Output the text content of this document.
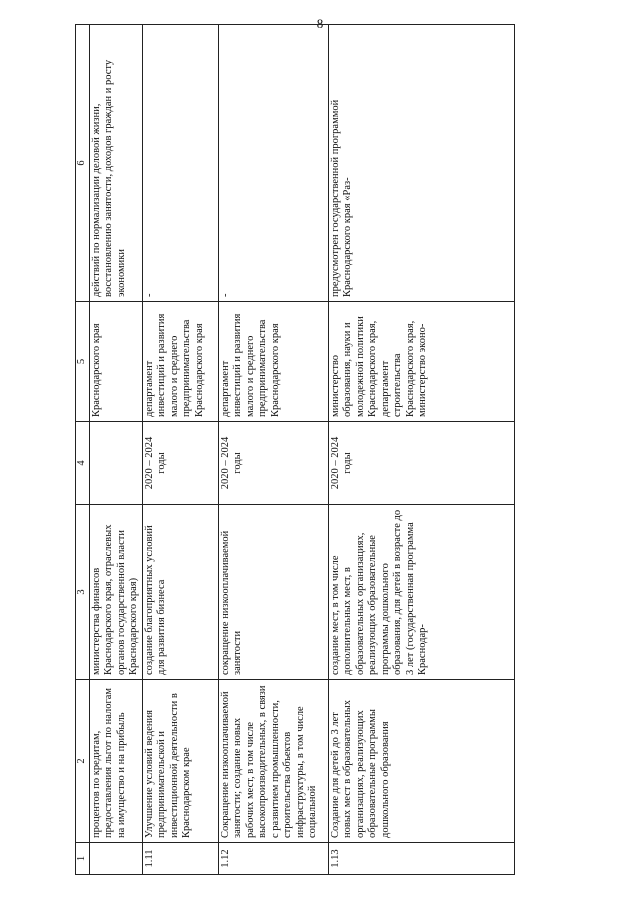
8
1	2	3	4	5	6
	процентов по кредитам, предоставления льгот по налогам на имущество и на прибыль	министерства финансов Краснодарского края, отраслевых органов государственной власти Краснодарского края)		Краснодарского края	действий по нормализации деловой жизни, восстановлению занятости, доходов граждан и росту экономики
1.11	Улучшение условий ведения предпринимательской и инвестиционной деятельности в Краснодарском крае	создание благоприятных условий для развития бизнеса	2020 – 2024 годы	департамент инвестиций и развития малого и среднего предпринимательства Краснодарского края	-
1.12	Сокращение низкооплачиваемой занятости; создание новых рабочих мест, в том числе высокопроизводительных, в связи с развитием промышленности, строительства объектов инфраструктуры, в том числе социальной	сокращение низкооплачиваемой занятости	2020 – 2024 годы	департамент инвестиций и развития малого и среднего предпринимательства Краснодарского края	-
1.13	Создание для детей до 3 лет новых мест в образовательных организациях, реализующих образовательные программы дошкольного образования	создание мест, в том числе дополнительных мест, в образовательных организациях, реализующих образовательные программы дошкольного образования, для детей в возрасте до 3 лет (государственная программа Краснодар-	2020 – 2024 годы	министерство образования, науки и молодежной политики Краснодарского края, департамент строительства Краснодарского края, министерство эконо-	предусмотрен государственной программой Краснодарского края «Раз-
